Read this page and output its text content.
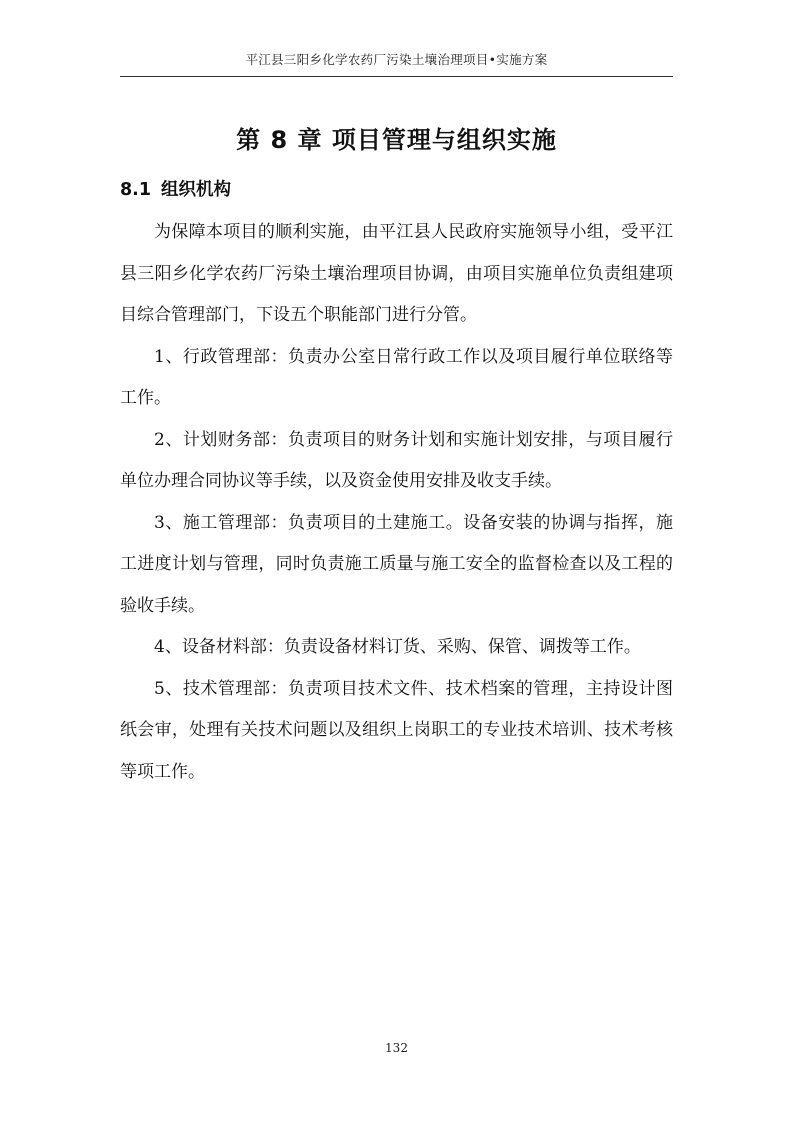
平江县三阳乡化学农药厂污染土壤治理项目•实施方案
第 8 章 项目管理与组织实施
8.1 组织机构

为保障本项目的顺利实施，由平江县人民政府实施领导小组，受平江县三阳乡化学农药厂污染土壤治理项目协调，由项目实施单位负责组建项目综合管理部门，下设五个职能部门进行分管。

1、行政管理部：负责办公室日常行政工作以及项目履行单位联络等工作。

2、计划财务部：负责项目的财务计划和实施计划安排，与项目履行单位办理合同协议等手续，以及资金使用安排及收支手续。

3、施工管理部：负责项目的土建施工。设备安装的协调与指挥，施工进度计划与管理，同时负责施工质量与施工安全的监督检查以及工程的验收手续。

4、设备材料部：负责设备材料订货、采购、保管、调拨等工作。

5、技术管理部：负责项目技术文件、技术档案的管理，主持设计图纸会审，处理有关技术问题以及组织上岗职工的专业技术培训、技术考核等项工作。

132
